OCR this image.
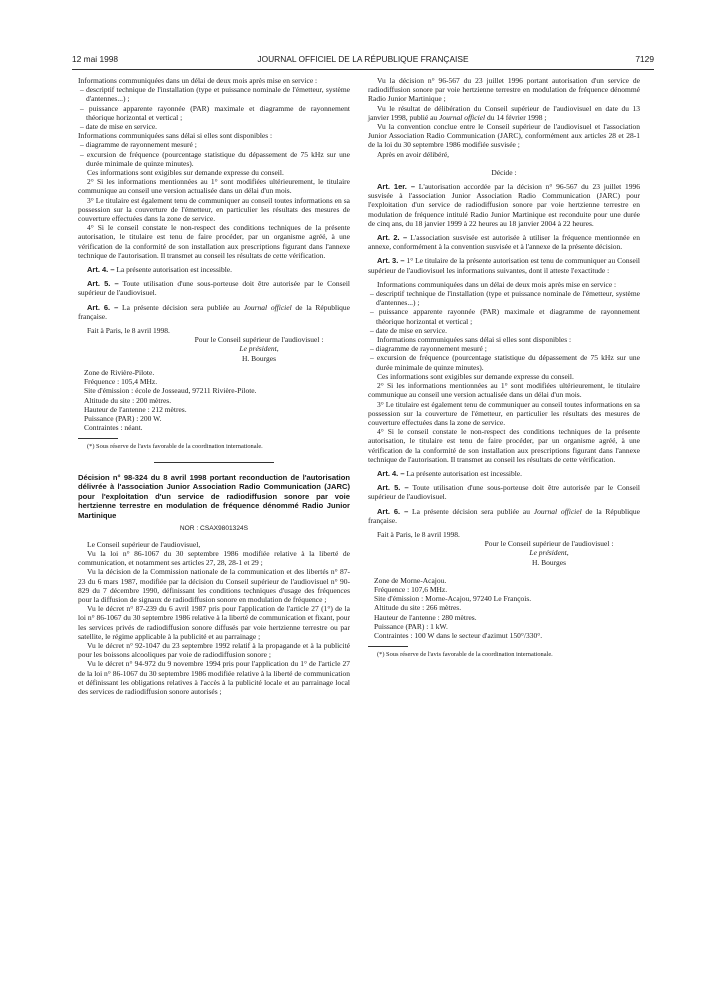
12 mai 1998	JOURNAL OFFICIEL DE LA RÉPUBLIQUE FRANÇAISE	7129

Informations communiquées dans un délai de deux mois après mise en service :

– descriptif technique de l'installation (type et puissance nominale de l'émetteur, système d'antennes...) ;

– puissance apparente rayonnée (PAR) maximale et diagramme de rayonnement théorique horizontal et vertical ;

– date de mise en service.

Informations communiquées sans délai si elles sont disponibles :

– diagramme de rayonnement mesuré ;

– excursion de fréquence (pourcentage statistique du dépassement de 75 kHz sur une durée minimale de quinze minutes).

Ces informations sont exigibles sur demande expresse du conseil.

2° Si les informations mentionnées au 1° sont modifiées ultérieurement, le titulaire communique au conseil une version actualisée dans un délai d'un mois.

3° Le titulaire est également tenu de communiquer au conseil toutes informations en sa possession sur la couverture de l'émetteur, en particulier les résultats des mesures de couverture effectuées dans la zone de service.

4° Si le conseil constate le non-respect des conditions techniques de la présente autorisation, le titulaire est tenu de faire procéder, par un organisme agréé, à une vérification de la conformité de son installation aux prescriptions figurant dans l'annexe technique de l'autorisation. Il transmet au conseil les résultats de cette vérification.

Art. 4. – La présente autorisation est incessible.

Art. 5. – Toute utilisation d'une sous-porteuse doit être autorisée par le Conseil supérieur de l'audiovisuel.

Art. 6. – La présente décision sera publiée au Journal officiel de la République française.

Fait à Paris, le 8 avril 1998.

Pour le Conseil supérieur de l'audiovisuel :

Le président,

H. Bourges

Zone de Rivière-Pilote.

Fréquence : 105,4 MHz.

Site d'émission : école de Josseaud, 97211 Rivière-Pilote.

Altitude du site : 200 mètres.

Hauteur de l'antenne : 212 mètres.

Puissance (PAR) : 200 W.

Contraintes : néant.

(*) Sous réserve de l'avis favorable de la coordination internationale.

Décision n° 98-324 du 8 avril 1998 portant reconduction de l'autorisation délivrée à l'association Junior Association Radio Communication (JARC) pour l'exploitation d'un service de radiodiffusion sonore par voie hertzienne terrestre en modulation de fréquence dénommé Radio Junior Martinique

NOR : CSAX9801324S

Le Conseil supérieur de l'audiovisuel,

Vu la loi n° 86-1067 du 30 septembre 1986 modifiée relative à la liberté de communication, et notamment ses articles 27, 28, 28-1 et 29 ;

Vu la décision de la Commission nationale de la communication et des libertés n° 87-23 du 6 mars 1987, modifiée par la décision du Conseil supérieur de l'audiovisuel n° 90-829 du 7 décembre 1990, définissant les conditions techniques d'usage des fréquences pour la diffusion de signaux de radiodiffusion sonore en modulation de fréquence ;

Vu le décret n° 87-239 du 6 avril 1987 pris pour l'application de l'article 27 (1°) de la loi n° 86-1067 du 30 septembre 1986 relative à la liberté de communication et fixant, pour les services privés de radiodiffusion sonore diffusés par voie hertzienne terrestre ou par satellite, le régime applicable à la publicité et au parrainage ;

Vu le décret n° 92-1047 du 23 septembre 1992 relatif à la propagande et à la publicité pour les boissons alcooliques par voie de radiodiffusion sonore ;

Vu le décret n° 94-972 du 9 novembre 1994 pris pour l'application du 1° de l'article 27 de la loi n° 86-1067 du 30 septembre 1986 modifiée relative à la liberté de communication et définissant les obligations relatives à l'accès à la publicité locale et au parrainage local des services de radiodiffusion sonore autorisés ;

Vu la décision n° 96-567 du 23 juillet 1996 portant autorisation d'un service de radiodiffusion sonore par voie hertzienne terrestre en modulation de fréquence dénommé Radio Junior Martinique ;

Vu le résultat de délibération du Conseil supérieur de l'audiovisuel en date du 13 janvier 1998, publié au Journal officiel du 14 février 1998 ;

Vu la convention conclue entre le Conseil supérieur de l'audiovisuel et l'association Junior Association Radio Communication (JARC), conformément aux articles 28 et 28-1 de la loi du 30 septembre 1986 modifiée susvisée ;

Après en avoir délibéré,

Décide :

Art. 1er. – L'autorisation accordée par la décision n° 96-567 du 23 juillet 1996 susvisée à l'association Junior Association Radio Communication (JARC) pour l'exploitation d'un service de radiodiffusion sonore par voie hertzienne terrestre en modulation de fréquence intitulé Radio Junior Martinique est reconduite pour une durée de cinq ans, du 18 janvier 1999 à 22 heures au 18 janvier 2004 à 22 heures.

Art. 2. – L'association susvisée est autorisée à utiliser la fréquence mentionnée en annexe, conformément à la convention susvisée et à l'annexe de la présente décision.

Art. 3. – 1° Le titulaire de la présente autorisation est tenu de communiquer au Conseil supérieur de l'audiovisuel les informations suivantes, dont il atteste l'exactitude :

Informations communiquées dans un délai de deux mois après mise en service :

– descriptif technique de l'installation (type et puissance nominale de l'émetteur, système d'antennes...) ;

– puissance apparente rayonnée (PAR) maximale et diagramme de rayonnement théorique horizontal et vertical ;

– date de mise en service.

Informations communiquées sans délai si elles sont disponibles :

– diagramme de rayonnement mesuré ;

– excursion de fréquence (pourcentage statistique du dépassement de 75 kHz sur une durée minimale de quinze minutes).

Ces informations sont exigibles sur demande expresse du conseil.

2° Si les informations mentionnées au 1° sont modifiées ultérieurement, le titulaire communique au conseil une version actualisée dans un délai d'un mois.

3° Le titulaire est également tenu de communiquer au conseil toutes informations en sa possession sur la couverture de l'émetteur, en particulier les résultats des mesures de couverture effectuées dans la zone de service.

4° Si le conseil constate le non-respect des conditions techniques de la présente autorisation, le titulaire est tenu de faire procéder, par un organisme agréé, à une vérification de la conformité de son installation aux prescriptions figurant dans l'annexe technique de l'autorisation. Il transmet au conseil les résultats de cette vérification.

Art. 4. – La présente autorisation est incessible.

Art. 5. – Toute utilisation d'une sous-porteuse doit être autorisée par le Conseil supérieur de l'audiovisuel.

Art. 6. – La présente décision sera publiée au Journal officiel de la République française.

Fait à Paris, le 8 avril 1998.

Pour le Conseil supérieur de l'audiovisuel :

Le président,

H. Bourges

Zone de Morne-Acajou.

Fréquence : 107,6 MHz.

Site d'émission : Morne-Acajou, 97240 Le François.

Altitude du site : 266 mètres.

Hauteur de l'antenne : 280 mètres.

Puissance (PAR) : 1 kW.

Contraintes : 100 W dans le secteur d'azimut 150°/330°.

(*) Sous réserve de l'avis favorable de la coordination internationale.
